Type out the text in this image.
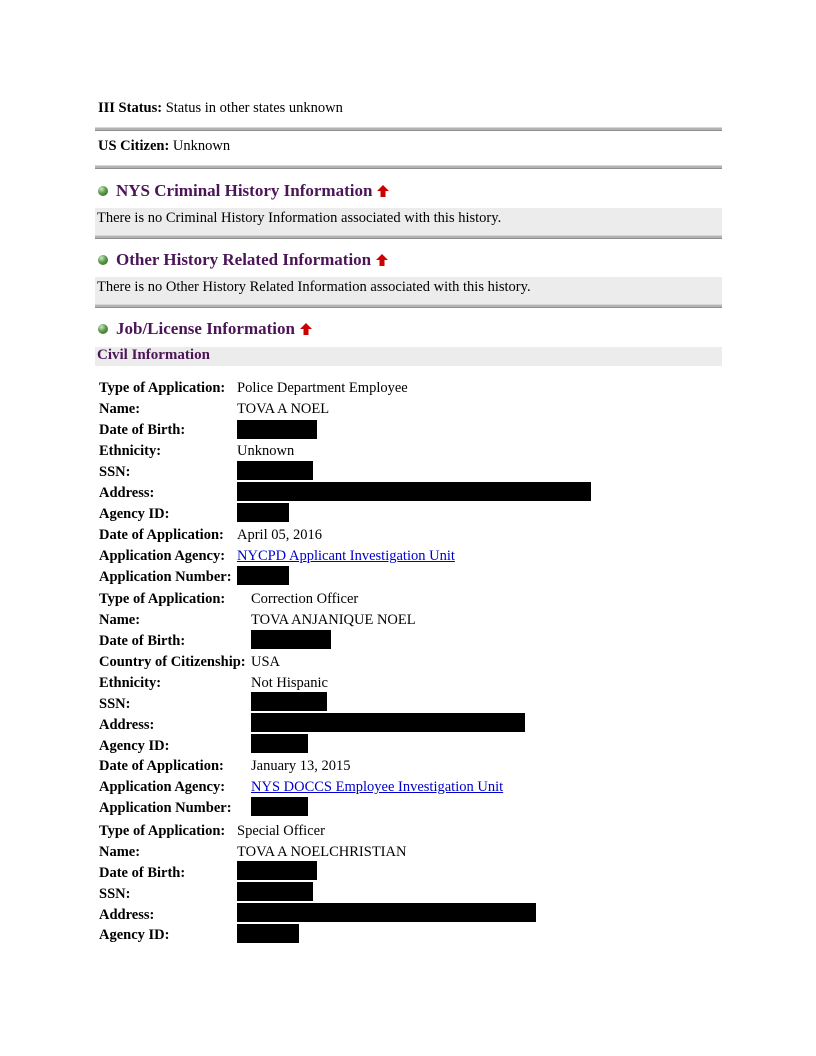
III Status: Status in other states unknown
US Citizen: Unknown
NYS Criminal History Information
There is no Criminal History Information associated with this history.
Other History Related Information
There is no Other History Related Information associated with this history.
Job/License Information
Civil Information
Type of Application: Police Department Employee
Name:	TOVA A NOEL
Date of Birth:
Ethnicity:	Unknown
SSN:
Address:
Agency ID:
Date of Application: April 05, 2016
Application Agency: NYCPD Applicant Investigation Unit
Application Number:
Type of Application: Correction Officer
Name:	TOVA ANJANIQUE NOEL
Date of Birth:
Country of Citizenship: USA
Ethnicity:	Not Hispanic
SSN:
Address:
Agency ID:
Date of Application: January 13, 2015
Application Agency: NYS DOCCS Employee Investigation Unit
Application Number:
Type of Application: Special Officer
Name:	TOVA A NOELCHRISTIAN
Date of Birth:
SSN:
Address:
Agency ID:
